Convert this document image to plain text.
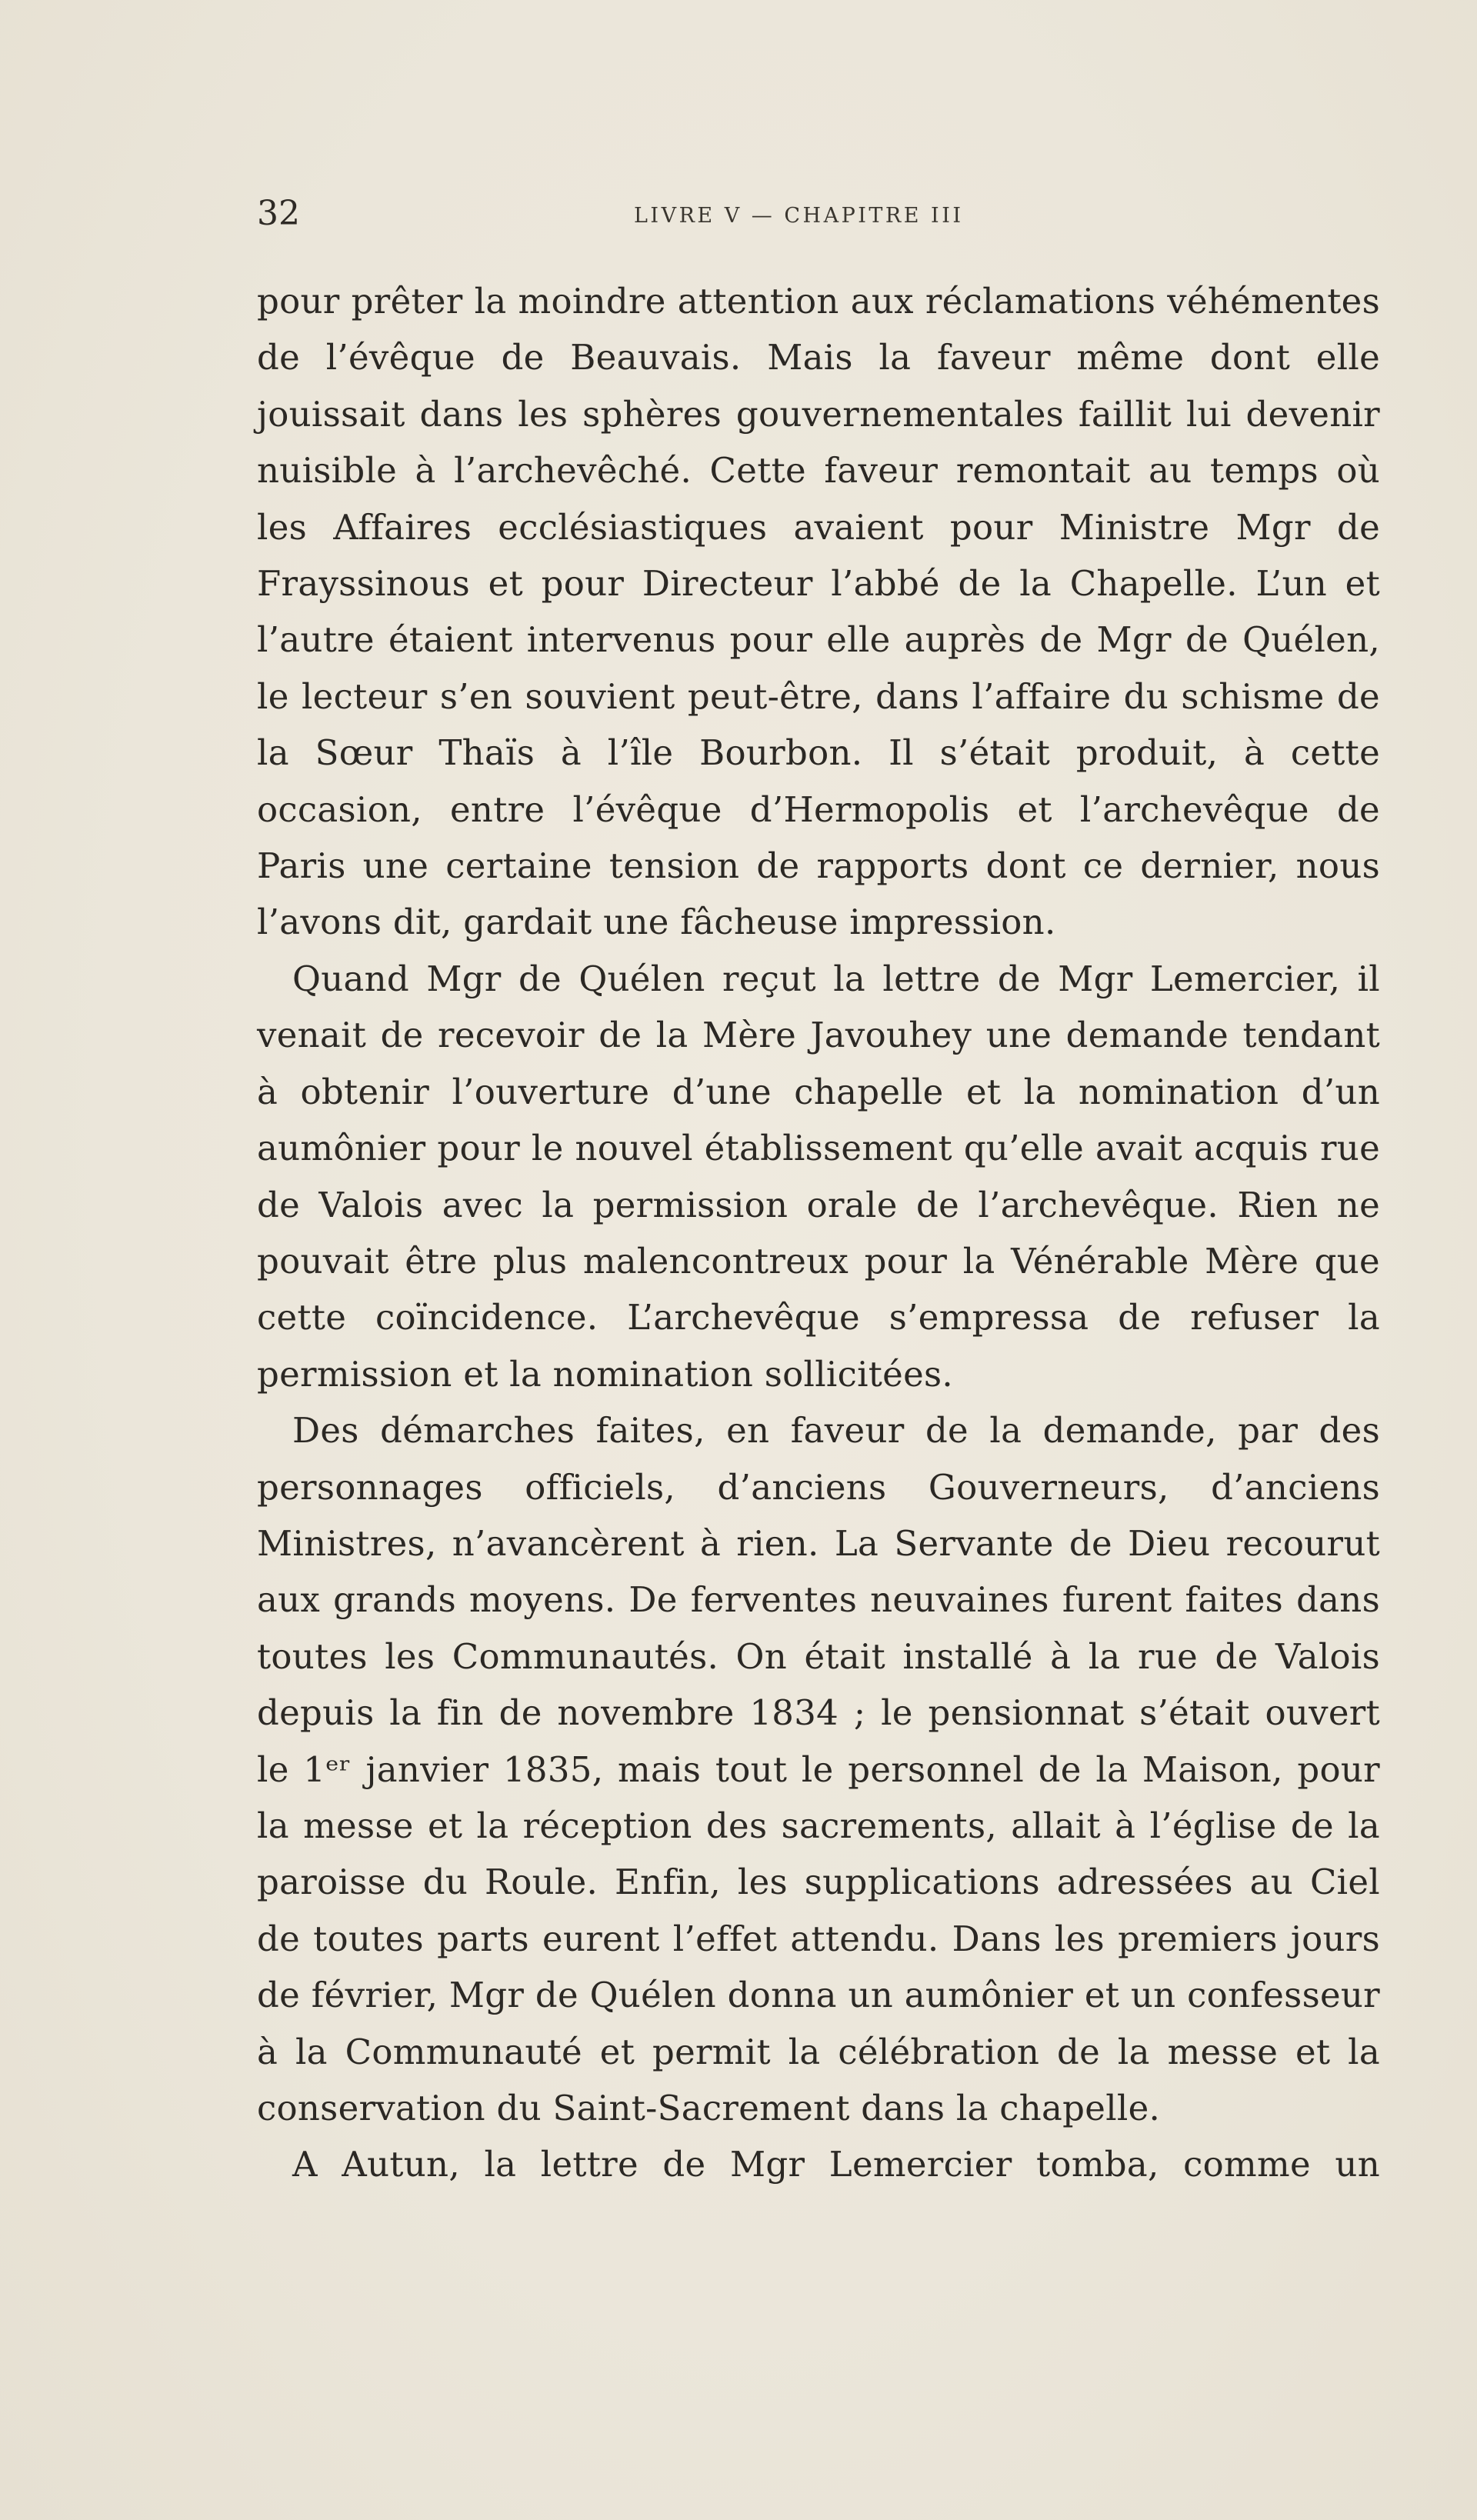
32	LIVRE V — CHAPITRE III

pour prêter la moindre attention aux réclamations véhémentes de l’évêque de Beauvais. Mais la faveur même dont elle jouissait dans les sphères gouvernementales faillit lui devenir nuisible à l’archevêché. Cette faveur remontait au temps où les Affaires ecclésiastiques avaient pour Ministre Mgr de Frayssinous et pour Directeur l’abbé de la Chapelle. L’un et l’autre étaient intervenus pour elle auprès de Mgr de Quélen, le lecteur s’en souvient peut-être, dans l’affaire du schisme de la Sœur Thaïs à l’île Bourbon. Il s’était produit, à cette occasion, entre l’évêque d’Hermopolis et l’archevêque de Paris une certaine tension de rapports dont ce dernier, nous l’avons dit, gardait une fâcheuse impression.

Quand Mgr de Quélen reçut la lettre de Mgr Lemercier, il venait de recevoir de la Mère Javouhey une demande tendant à obtenir l’ouverture d’une chapelle et la nomination d’un aumônier pour le nouvel établissement qu’elle avait acquis rue de Valois avec la permission orale de l’archevêque. Rien ne pouvait être plus malencontreux pour la Vénérable Mère que cette coïncidence. L’archevêque s’empressa de refuser la permission et la nomination sollicitées.

Des démarches faites, en faveur de la demande, par des personnages officiels, d’anciens Gouverneurs, d’anciens Ministres, n’avancèrent à rien. La Servante de Dieu recourut aux grands moyens. De ferventes neuvaines furent faites dans toutes les Communautés. On était installé à la rue de Valois depuis la fin de novembre 1834 ; le pensionnat s’était ouvert le 1ᵉʳ janvier 1835, mais tout le personnel de la Maison, pour la messe et la réception des sacrements, allait à l’église de la paroisse du Roule. Enfin, les supplications adressées au Ciel de toutes parts eurent l’effet attendu. Dans les premiers jours de février, Mgr de Quélen donna un aumônier et un confesseur à la Communauté et permit la célébration de la messe et la conservation du Saint-Sacrement dans la chapelle.

A Autun, la lettre de Mgr Lemercier tomba, comme un
